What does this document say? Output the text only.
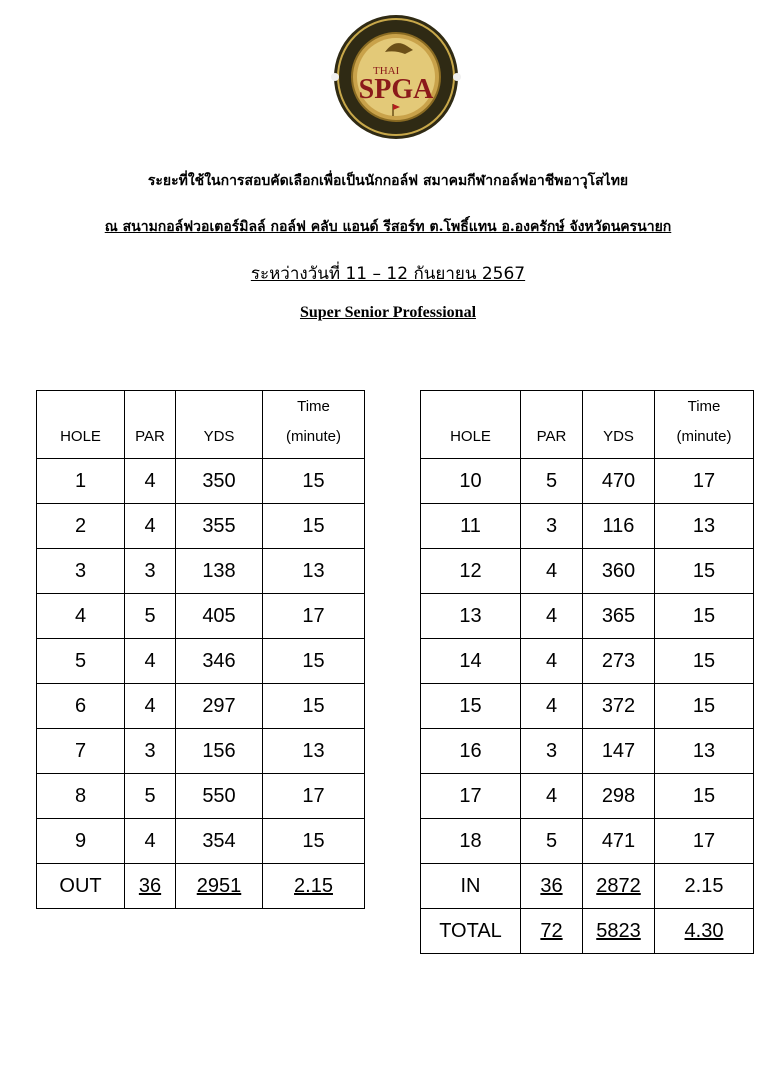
THAI
SPGA
ระยะที่ใช้ในการสอบคัดเลือกเพื่อเป็นนักกอล์ฟ สมาคมกีฬากอล์ฟอาชีพอาวุโสไทย
ณ สนามกอล์ฟวอเตอร์มิลล์ กอล์ฟ คลับ แอนด์ รีสอร์ท ต.โพธิ์แทน อ.องครักษ์ จังหวัดนครนายก
ระหว่างวันที่ 11 – 12 กันยายน 2567
Super Senior Professional
HOLE	PAR	YDS	Time
(minute)
1	4	350	15
2	4	355	15
3	3	138	13
4	5	405	17
5	4	346	15
6	4	297	15
7	3	156	13
8	5	550	17
9	4	354	15
OUT	36	2951	2.15
HOLE	PAR	YDS	Time
(minute)
10	5	470	17
11	3	116	13
12	4	360	15
13	4	365	15
14	4	273	15
15	4	372	15
16	3	147	13
17	4	298	15
18	5	471	17
IN	36	2872	2.15
TOTAL	72	5823	4.30
